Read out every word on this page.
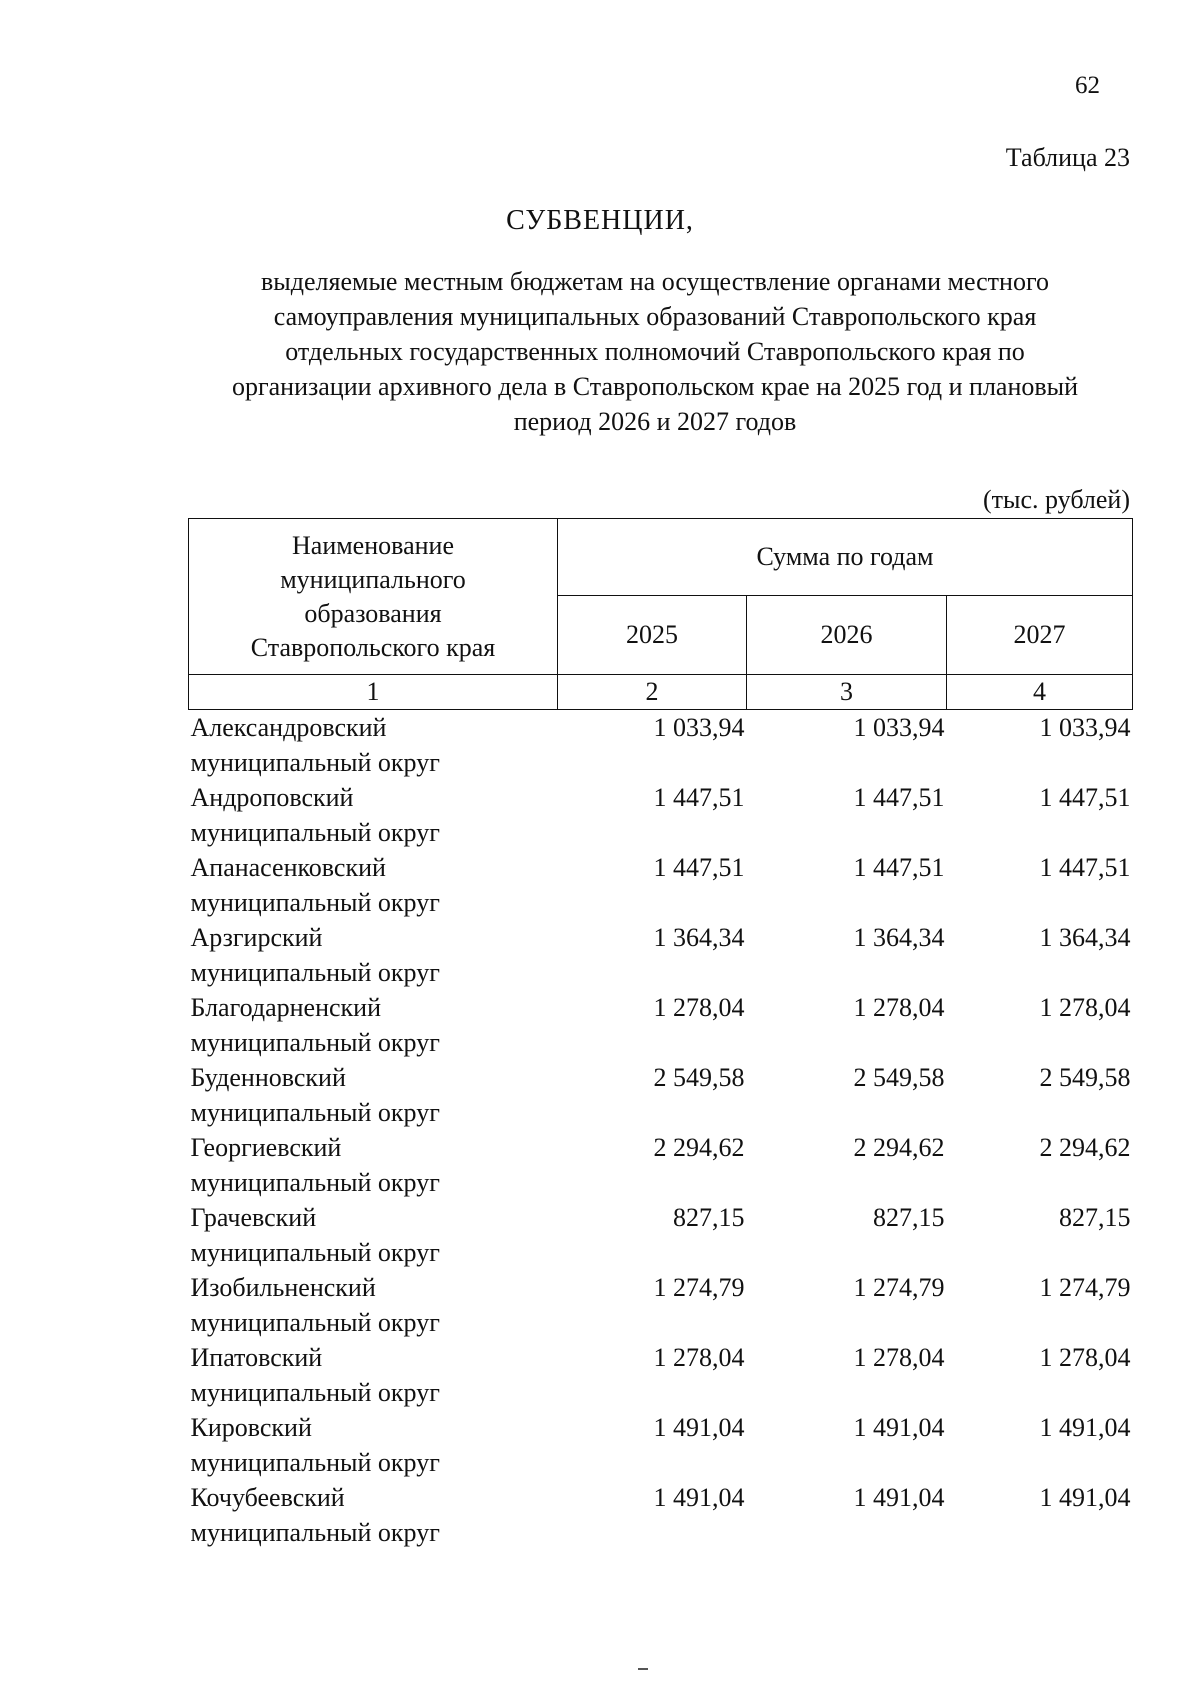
62
Таблица 23
СУБВЕНЦИИ,
выделяемые местным бюджетам на осуществление органами местного
самоуправления муниципальных образований Ставропольского края
отдельных государственных полномочий Ставропольского края по
организации архивного дела в Ставропольском крае на 2025 год и плановый
период 2026 и 2027 годов
(тыс. рублей)
Наименование
муниципального
образования
Ставропольского края	Сумма по годам		
	2025	2026	2027
1	2	3	4

Александровский
муниципальный округ	1 033,94	1 033,94	1 033,94

Андроповский
муниципальный округ	1 447,51	1 447,51	1 447,51

Апанасенковский
муниципальный округ	1 447,51	1 447,51	1 447,51

Арзгирский
муниципальный округ	1 364,34	1 364,34	1 364,34

Благодарненский
муниципальный округ	1 278,04	1 278,04	1 278,04

Буденновский
муниципальный округ	2 549,58	2 549,58	2 549,58

Георгиевский
муниципальный округ	2 294,62	2 294,62	2 294,62

Грачевский
муниципальный округ	827,15	827,15	827,15

Изобильненский
муниципальный округ	1 274,79	1 274,79	1 274,79

Ипатовский
муниципальный округ	1 278,04	1 278,04	1 278,04

Кировский
муниципальный округ	1 491,04	1 491,04	1 491,04

Кочубеевский
муниципальный округ	1 491,04	1 491,04	1 491,04
